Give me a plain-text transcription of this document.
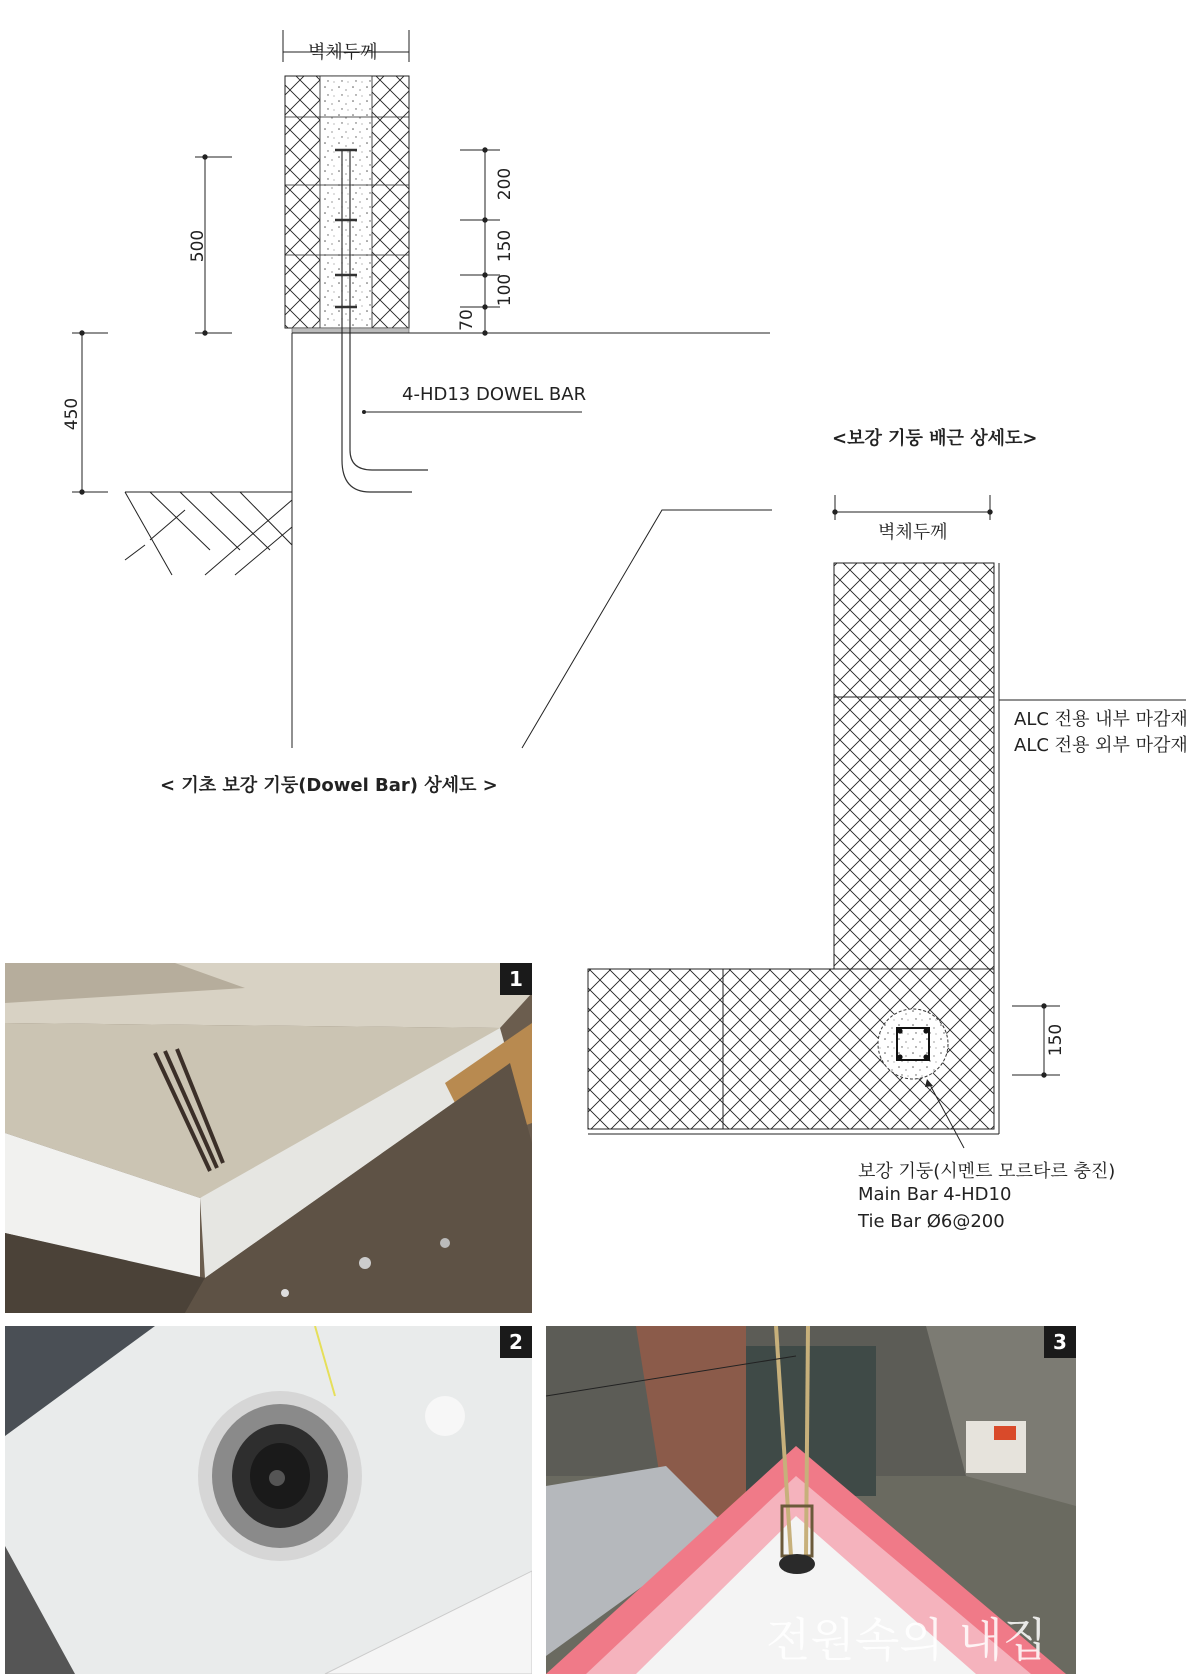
벽체두께
500
450
200
150
100
70
4-HD13 DOWEL BAR
< 기초 보강 기둥(Dowel Bar) 상세도 >
<보강 기둥 배근 상세도>
벽체두께
ALC 전용 내부 마감재
ALC 전용 외부 마감재
150
보강 기둥(시멘트 모르타르 충진)
Main Bar 4-HD10
Tie Bar Ø6@200
1
2	3
전원속의 내집
